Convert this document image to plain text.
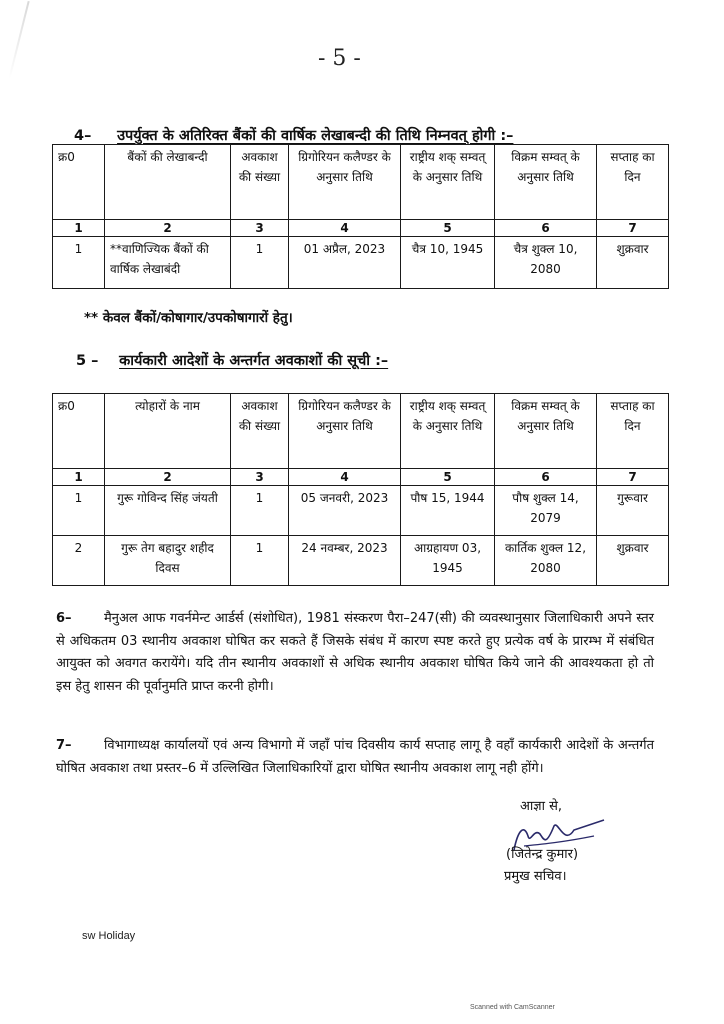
- 5 -
4– उपर्युक्त के अतिरिक्त बैंकों की वार्षिक लेखाबन्दी की तिथि निम्नवत् होगी :–
क्र0	बैंकों की लेखाबन्दी	अवकाश की संख्या	ग्रिगोरियन कलैण्डर के अनुसार तिथि	राष्ट्रीय शक् सम्वत् के अनुसार तिथि	विक्रम सम्वत् के अनुसार तिथि	सप्ताह का दिन
1	2	3	4	5	6	7
1	**वाणिज्यिक बैंकों की वार्षिक लेखाबंदी	1	01 अप्रैल, 2023	चैत्र 10, 1945	चैत्र शुक्ल 10, 2080	शुक्रवार
** केवल बैंकों/कोषागार/उपकोषागारों हेतु।
5 – कार्यकारी आदेशों के अन्तर्गत अवकाशों की सूची :–
क्र0	त्योहारों के नाम	अवकाश की संख्या	ग्रिगोरियन कलैण्डर के अनुसार तिथि	राष्ट्रीय शक् सम्वत् के अनुसार तिथि	विक्रम सम्वत् के अनुसार तिथि	सप्ताह का दिन
1	2	3	4	5	6	7
1	गुरू गोविन्द सिंह जंयती	1	05 जनवरी, 2023	पौष 15, 1944	पौष शुक्ल 14, 2079	गुरूवार
2	गुरू तेग बहादुर शहीद दिवस	1	24 नवम्बर, 2023	आग्रहायण 03, 1945	कार्तिक शुक्ल 12, 2080	शुक्रवार
6– मैनुअल आफ गवर्नमेन्ट आर्डर्स (संशोधित), 1981 संस्करण पैरा–247(सी) की व्यवस्थानुसार जिलाधिकारी अपने स्तर से अधिकतम 03 स्थानीय अवकाश घोषित कर सकते हैं जिसके संबंध में कारण स्पष्ट करते हुए प्रत्येक वर्ष के प्रारम्भ में संबंधित आयुक्त को अवगत करायेंगे। यदि तीन स्थानीय अवकाशों से अधिक स्थानीय अवकाश घोषित किये जाने की आवश्यकता हो तो इस हेतु शासन की पूर्वानुमति प्राप्त करनी होगी।
7– विभागाध्यक्ष कार्यालयों एवं अन्य विभागो में जहाँ पांच दिवसीय कार्य सप्ताह लागू है वहाँ कार्यकारी आदेशों के अन्तर्गत घोषित अवकाश तथा प्रस्तर–6 में उल्लिखित जिलाधिकारियों द्वारा घोषित स्थानीय अवकाश लागू नही होंगे।
आज्ञा से,
(जितेन्द्र कुमार)
प्रमुख सचिव।
sw Holiday
Scanned with CamScanner
